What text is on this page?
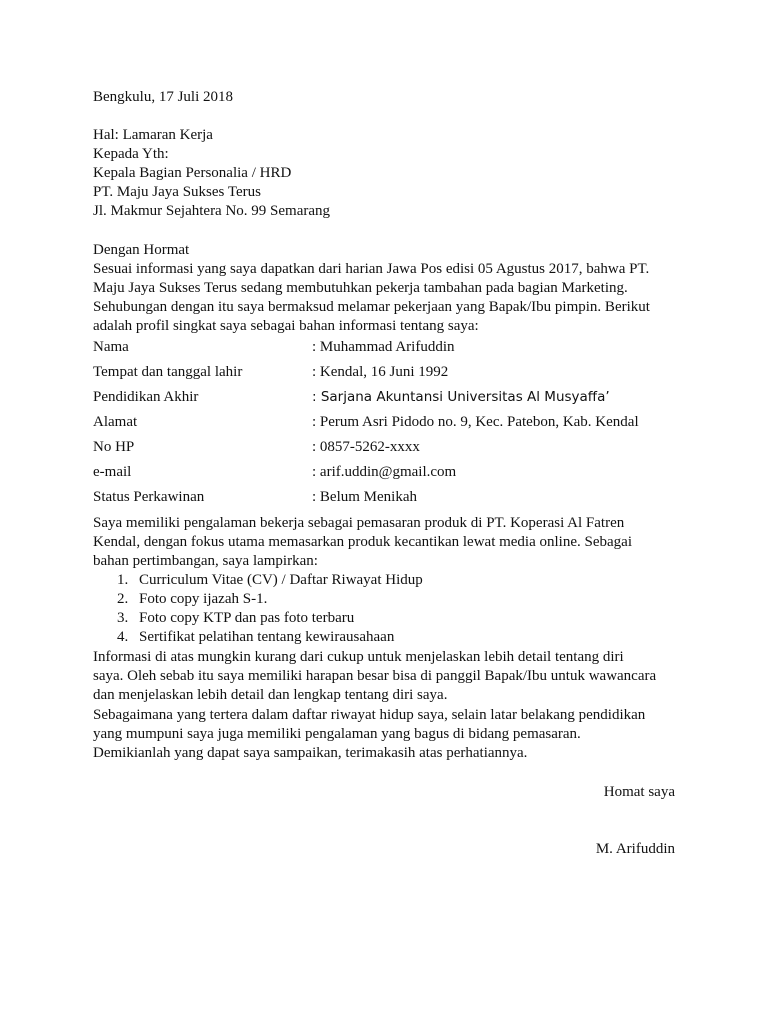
Bengkulu, 17 Juli 2018
Hal: Lamaran Kerja
Kepada Yth:
Kepala Bagian Personalia / HRD
PT. Maju Jaya Sukses Terus
Jl. Makmur Sejahtera No. 99 Semarang
Dengan Hormat
Sesuai informasi yang saya dapatkan dari harian Jawa Pos edisi 05 Agustus 2017, bahwa PT.
Maju Jaya Sukses Terus sedang membutuhkan pekerja tambahan pada bagian Marketing.
Sehubungan dengan itu saya bermaksud melamar pekerjaan yang Bapak/Ibu pimpin. Berikut
adalah profil singkat saya sebagai bahan informasi tentang saya:
Nama	: Muhammad Arifuddin
Tempat dan tanggal lahir	: Kendal, 16 Juni 1992
Pendidikan Akhir	: Sarjana Akuntansi Universitas Al Musyaffa’
Alamat	: Perum Asri Pidodo no. 9, Kec. Patebon, Kab. Kendal
No HP	: 0857-5262-xxxx
e-mail	: arif.uddin@gmail.com
Status Perkawinan	: Belum Menikah
Saya memiliki pengalaman bekerja sebagai pemasaran produk di PT. Koperasi Al Fatren
Kendal, dengan fokus utama memasarkan produk kecantikan lewat media online. Sebagai
bahan pertimbangan, saya lampirkan:
1. Curriculum Vitae (CV) / Daftar Riwayat Hidup
2. Foto copy ijazah S-1.
3. Foto copy KTP dan pas foto terbaru
4. Sertifikat pelatihan tentang kewirausahaan
Informasi di atas mungkin kurang dari cukup untuk menjelaskan lebih detail tentang diri
saya. Oleh sebab itu saya memiliki harapan besar bisa di panggil Bapak/Ibu untuk wawancara
dan menjelaskan lebih detail dan lengkap tentang diri saya.
Sebagaimana yang tertera dalam daftar riwayat hidup saya, selain latar belakang pendidikan
yang mumpuni saya juga memiliki pengalaman yang bagus di bidang pemasaran.
Demikianlah yang dapat saya sampaikan, terimakasih atas perhatiannya.
Homat saya
M. Arifuddin
